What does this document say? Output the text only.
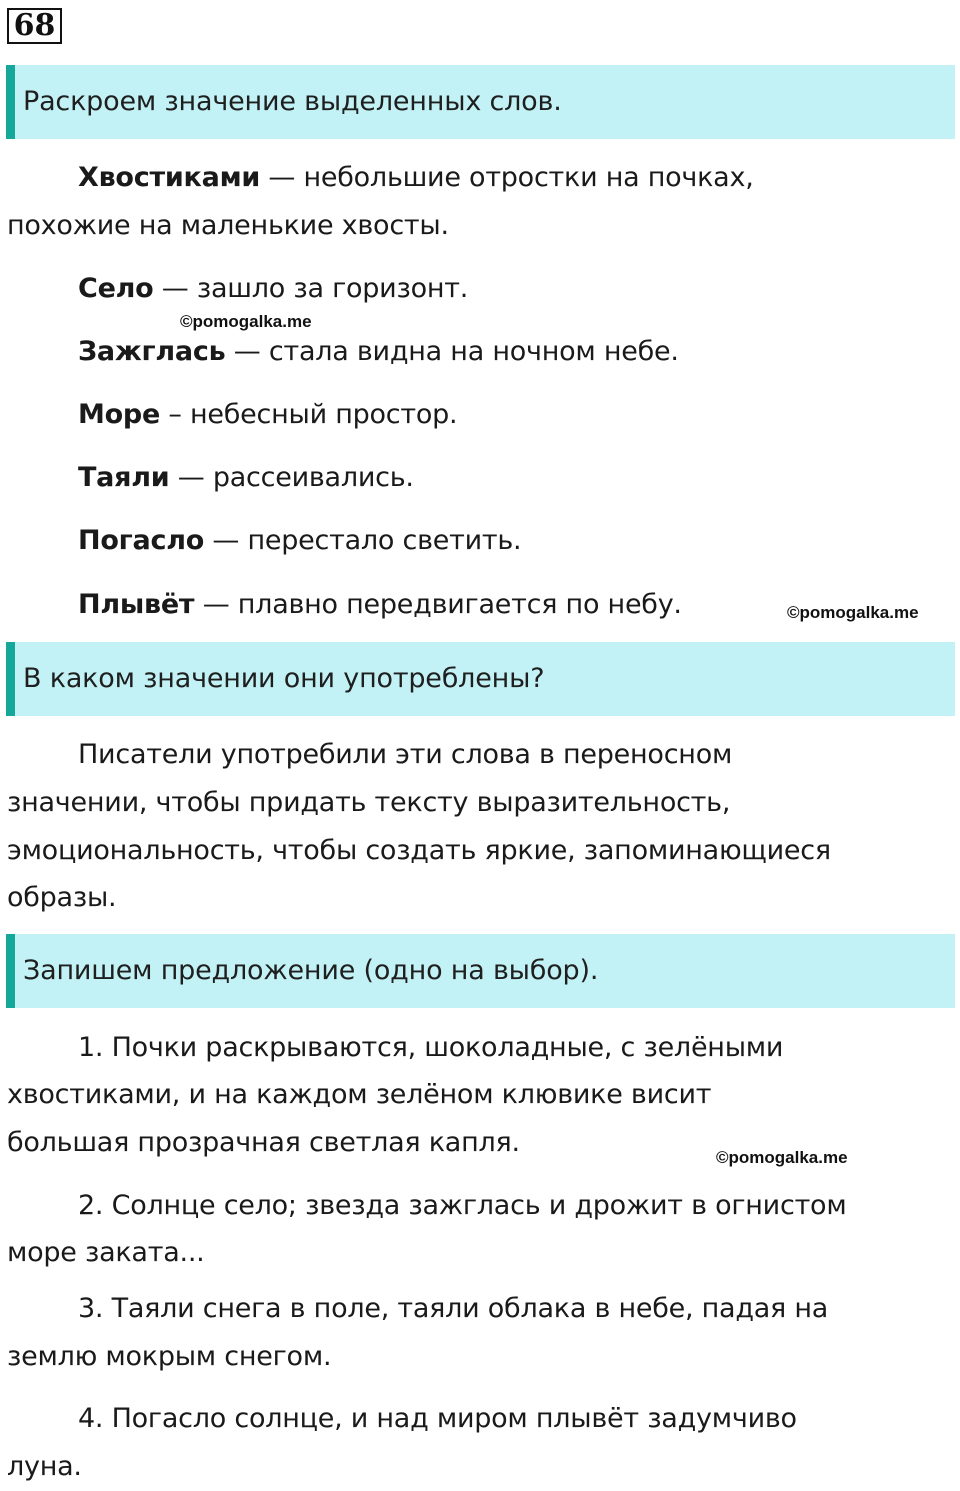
68
Раскроем значение выделенных слов.
Хвостиками — небольшие отростки на почках,
похожие на маленькие хвосты.
Село — зашло за горизонт.
©pomogalka.me
Зажглась — стала видна на ночном небе.
Море – небесный простор.
Таяли — рассеивались.
Погасло — перестало светить.
Плывёт — плавно передвигается по небу.	©pomogalka.me
В каком значении они употреблены?
Писатели употребили эти слова в переносном
значении, чтобы придать тексту выразительность,
эмоциональность, чтобы создать яркие, запоминающиеся
образы.
Запишем предложение (одно на выбор).
1. Почки раскрываются, шоколадные, с зелёными
хвостиками, и на каждом зелёном клювике висит
большая прозрачная светлая капля.	©pomogalka.me
2. Солнце село; звезда зажглась и дрожит в огнистом
море заката...
3. Таяли снега в поле, таяли облака в небе, падая на
землю мокрым снегом.
4. Погасло солнце, и над миром плывёт задумчиво
луна.
